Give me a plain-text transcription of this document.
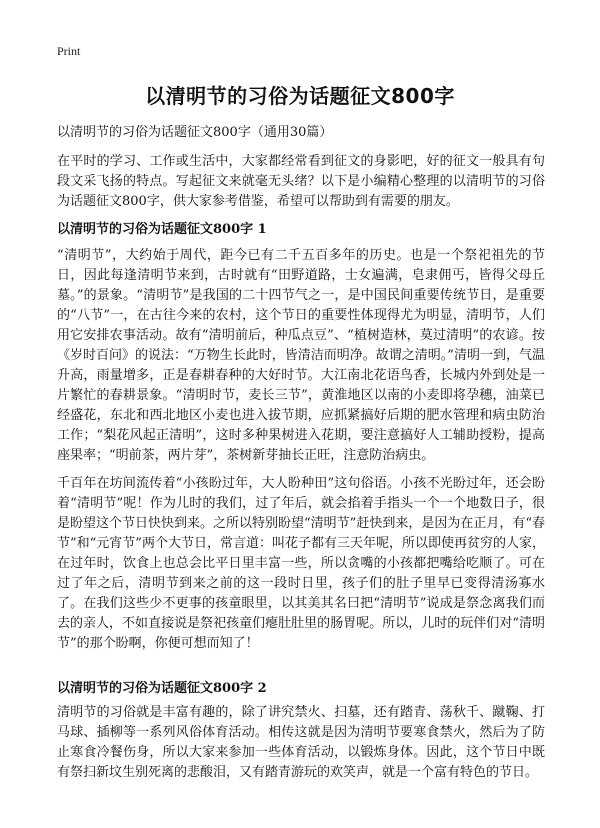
Print
以清明节的习俗为话题征文800字

以清明节的习俗为话题征文800字（通用30篇）

在平时的学习、工作或生活中，大家都经常看到征文的身影吧，好的征文一般具有句段文采飞扬的特点。写起征文来就毫无头绪？以下是小编精心整理的以清明节的习俗为话题征文800字，供大家参考借鉴，希望可以帮助到有需要的朋友。

以清明节的习俗为话题征文800字 1

“清明节”，大约始于周代，距今已有二千五百多年的历史。也是一个祭祀祖先的节日，因此每逢清明节来到，古时就有“田野道路，士女遍满，皂隶佣丐，皆得父母丘墓。”的景象。“清明节”是我国的二十四节气之一，是中国民间重要传统节日，是重要的“八节”一，在古往今来的农村，这个节日的重要性体现得尤为明显，清明节，人们用它安排农事活动。故有“清明前后，种瓜点豆”、“植树造林，莫过清明”的农谚。按《岁时百问》的说法：“万物生长此时，皆清洁而明净。故谓之清明。”清明一到，气温升高，雨量增多，正是春耕春种的大好时节。大江南北花语鸟香，长城内外到处是一片繁忙的春耕景象。“清明时节，麦长三节”，黄淮地区以南的小麦即将孕穗，油菜已经盛花，东北和西北地区小麦也进入拔节期，应抓紧搞好后期的肥水管理和病虫防治工作；“梨花风起正清明”，这时多种果树进入花期，要注意搞好人工辅助授粉，提高座果率；“明前茶，两片芽”，茶树新芽抽长正旺，注意防治病虫。

千百年在坊间流传着“小孩盼过年，大人盼种田”这句俗语。小孩不光盼过年，还会盼着“清明节”呢！作为儿时的我们，过了年后，就会掐着手指头一个一个地数日子，很是盼望这个节日快快到来。之所以特别盼望“清明节”赶快到来，是因为在正月，有“春节”和“元宵节”两个大节日，常言道：叫花子都有三天年呢，所以即使再贫穷的人家，在过年时，饮食上也总会比平日里丰富一些，所以贪嘴的小孩都把嘴给吃顺了。可在过了年之后，清明节到来之前的这一段时日里，孩子们的肚子里早已变得清汤寡水了。在我们这些少不更事的孩童眼里，以其美其名曰把“清明节”说成是祭念离我们而去的亲人，不如直接说是祭祀孩童们瘪肚肚里的肠胃呢。所以，儿时的玩伴们对“清明节”的那个盼啊，你便可想而知了！

以清明节的习俗为话题征文800字 2

清明节的习俗就是丰富有趣的，除了讲究禁火、扫墓，还有踏青、荡秋千、蹴鞠、打马球、插柳等一系列风俗体育活动。相传这就是因为清明节要寒食禁火，然后为了防止寒食冷餐伤身，所以大家来参加一些体育活动，以锻炼身体。因此，这个节日中既有祭扫新坟生别死离的悲酸泪，又有踏青游玩的欢笑声，就是一个富有特色的节日。
